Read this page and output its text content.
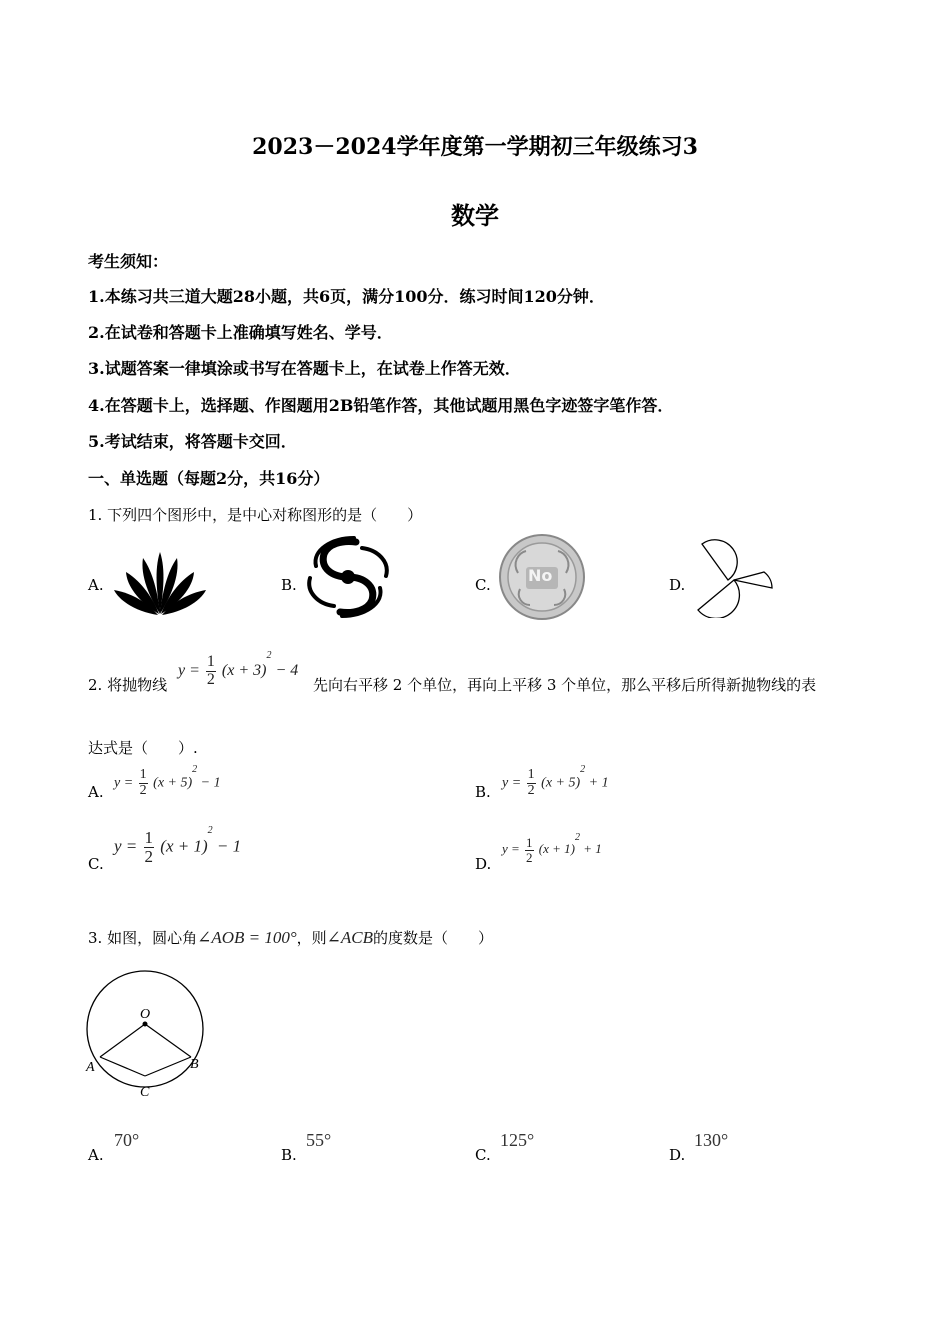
2023－2024学年度第一学期初三年级练习3
数学
考生须知：
1.本练习共三道大题28小题，共6页，满分100分．练习时间120分钟．
2.在试卷和答题卡上准确填写姓名、学号．
3.试题答案一律填涂或书写在答题卡上，在试卷上作答无效．
4.在答题卡上，选择题、作图题用2B铅笔作答，其他试题用黑色字迹签字笔作答．
5.考试结束，将答题卡交回．
一、单选题（每题2分，共16分）
1. 下列四个图形中，是中心对称图形的是（　　）
A.	B.	C. No	D.
2. 将抛物线
$y = \frac{1}{2} (x + 3)^2 - 4$
先向右平移 2 个单位，再向上平移 3 个单位，那么平移后所得新抛物线的表
达式是（　　）.
A.
$y = \frac{1}{2} (x + 5)^2 - 1$
B.
$y = \frac{1}{2} (x + 5)^2 + 1$
C.
$y = \frac{1}{2} (x + 1)^2 - 1$
D.
$y = \frac{1}{2} (x + 1)^2 + 1$
3. 如图，圆心角∠AOB = 100°，则∠ACB的度数是（　　）
O
A	B
C
A.
70°
B.
55°
C.
125°
D.
130°
